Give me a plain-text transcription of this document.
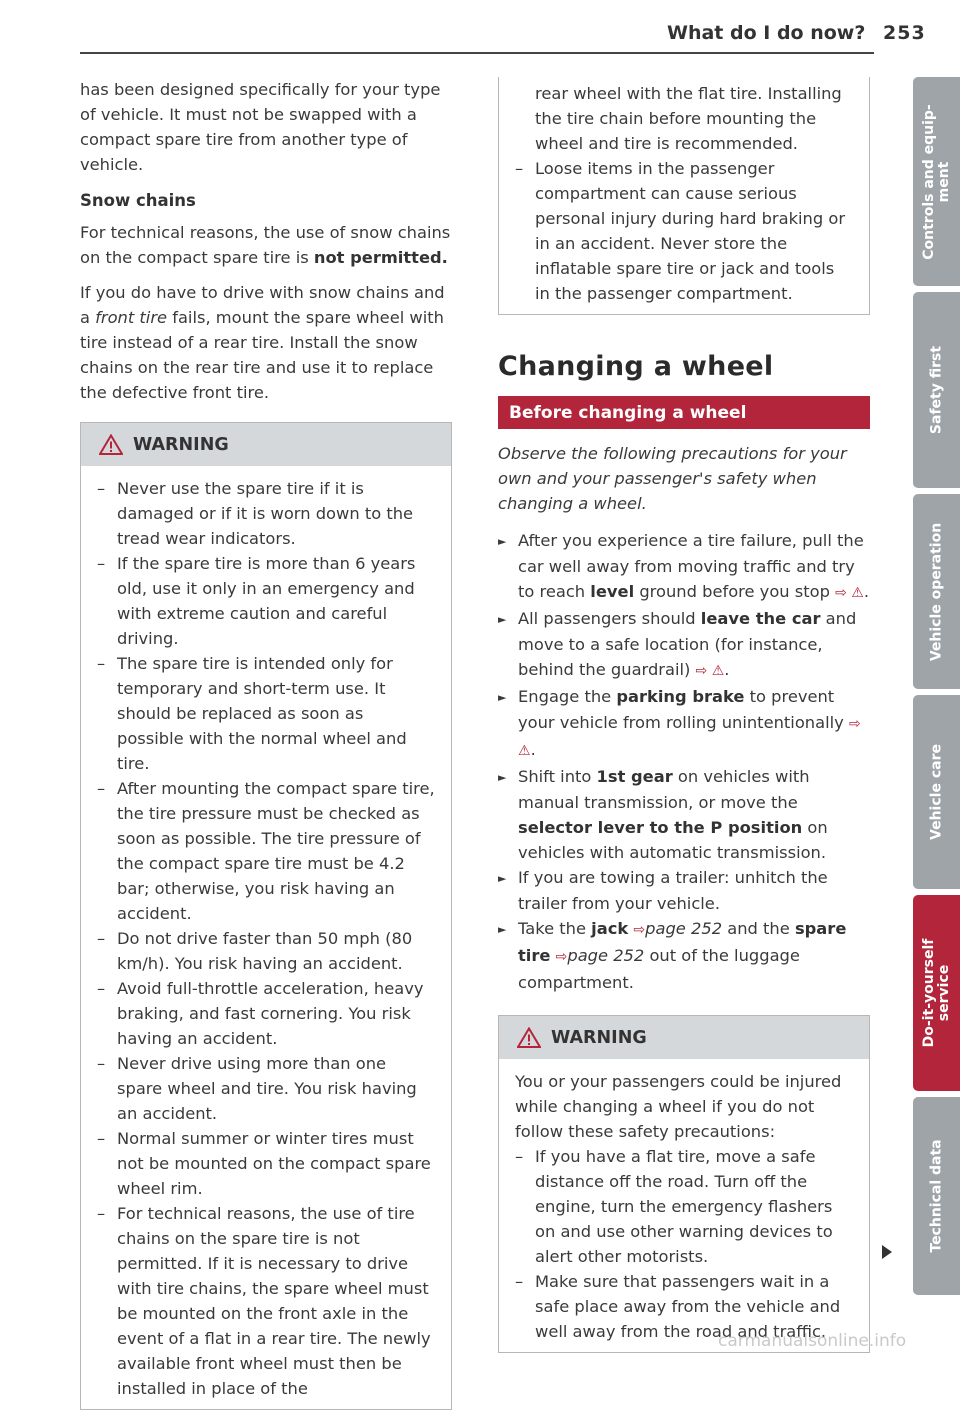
What do I do now? 253

has been designed specifically for your type of vehicle. It must not be swapped with a compact spare tire from another type of vehicle.

Snow chains

For technical reasons, the use of snow chains on the compact spare tire is not permitted.

If you do have to drive with snow chains and a front tire fails, mount the spare wheel with tire instead of a rear tire. Install the snow chains on the rear tire and use it to replace the defective front tire.

WARNING

– Never use the spare tire if it is damaged or if it is worn down to the tread wear indicators.

– If the spare tire is more than 6 years old, use it only in an emergency and with extreme caution and careful driving.

– The spare tire is intended only for temporary and short-term use. It should be replaced as soon as possible with the normal wheel and tire.

– After mounting the compact spare tire, the tire pressure must be checked as soon as possible. The tire pressure of the compact spare tire must be 4.2 bar; otherwise, you risk having an accident.

– Do not drive faster than 50 mph (80 km/h). You risk having an accident.

– Avoid full-throttle acceleration, heavy braking, and fast cornering. You risk having an accident.

– Never drive using more than one spare wheel and tire. You risk having an accident.

– Normal summer or winter tires must not be mounted on the compact spare wheel rim.

– For technical reasons, the use of tire chains on the spare tire is not permitted. If it is necessary to drive with tire chains, the spare wheel must be mounted on the front axle in the event of a flat in a rear tire. The newly available front wheel must then be installed in place of the

rear wheel with the flat tire. Installing the tire chain before mounting the wheel and tire is recommended.

– Loose items in the passenger compartment can cause serious personal injury during hard braking or in an accident. Never store the inflatable spare tire or jack and tools in the passenger compartment.

Changing a wheel
Before changing a wheel

Observe the following precautions for your own and your passenger's safety when changing a wheel.

► After you experience a tire failure, pull the car well away from moving traffic and try to reach level ground before you stop ⇨ ⚠.

► All passengers should leave the car and move to a safe location (for instance, behind the guardrail) ⇨ ⚠.

► Engage the parking brake to prevent your vehicle from rolling unintentionally ⇨ ⚠.

► Shift into 1st gear on vehicles with manual transmission, or move the selector lever to the P position on vehicles with automatic transmission.

► If you are towing a trailer: unhitch the trailer from your vehicle.

► Take the jack ⇨page 252 and the spare tire ⇨page 252 out of the luggage compartment.

WARNING

You or your passengers could be injured while changing a wheel if you do not follow these safety precautions:

– If you have a flat tire, move a safe distance off the road. Turn off the engine, turn the emergency flashers on and use other warning devices to alert other motorists.

– Make sure that passengers wait in a safe place away from the vehicle and well away from the road and traffic.

Controls and equip-
ment
Safety first
Vehicle operation
Vehicle care
Do-it-yourself
service
Technical data
carmanualsonline.info
